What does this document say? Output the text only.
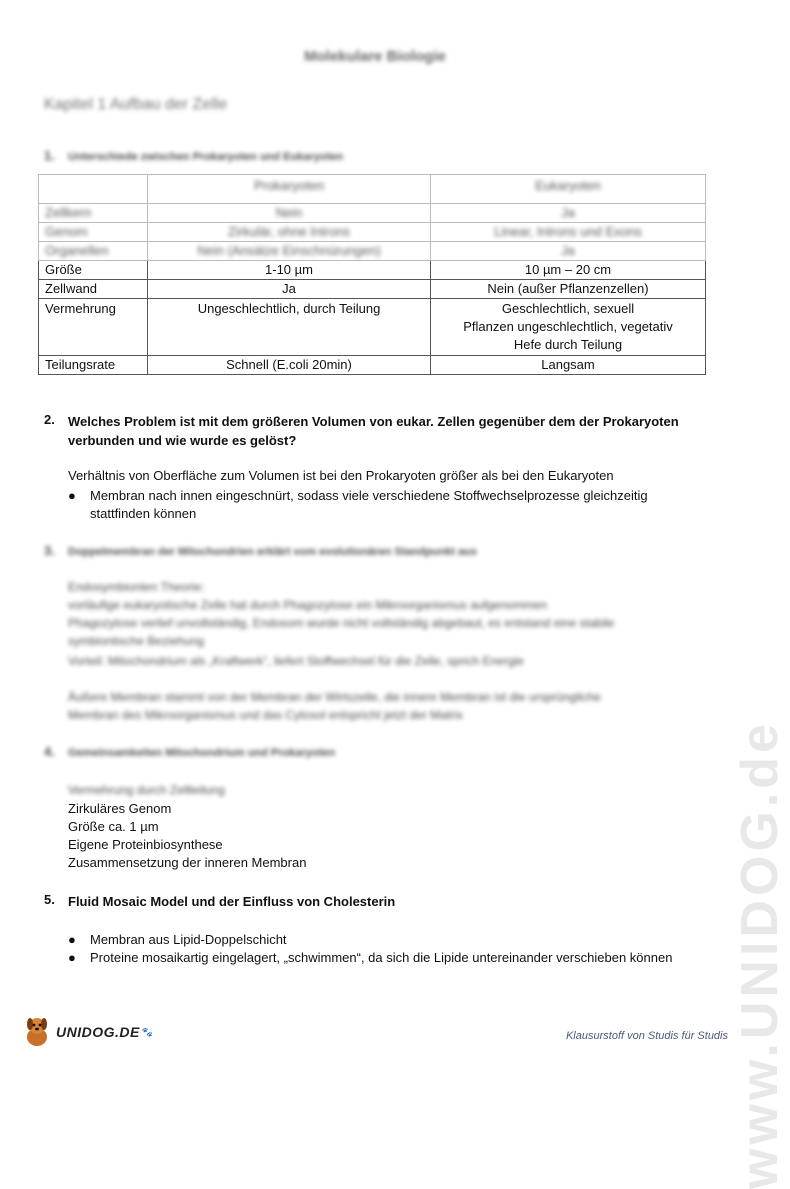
www.UNIDOG.de
Molekulare Biologie
Kapitel 1 Aufbau der Zelle
1. Unterschiede zwischen Prokaryoten und Eukaryoten
	Prokaryoten	Eukaryoten
Zellkern	Nein	Ja
Genom	Zirkulär, ohne Introns	Linear, Introns und Exons
Organellen	Nein (Ansätze Einschnürungen)	Ja
Größe	1-10 µm	10 µm – 20 cm
Zellwand	Ja	Nein (außer Pflanzenzellen)
Vermehrung	Ungeschlechtlich, durch Teilung	Geschlechtlich, sexuell
Pflanzen ungeschlechtlich, vegetativ
Hefe durch Teilung

Teilungsrate	Schnell (E.coli 20min)	Langsam
2. Welches Problem ist mit dem größeren Volumen von eukar. Zellen gegenüber dem der Prokaryoten verbunden und wie wurde es gelöst?
Verhältnis von Oberfläche zum Volumen ist bei den Prokaryoten größer als bei den Eukaryoten
●	Membran nach innen eingeschnürt, sodass viele verschiedene Stoffwechselprozesse gleichzeitig stattfinden können
3. Doppelmembran der Mitochondrien erklärt vom evolutionären Standpunkt aus
Endosymbionten Theorie:
vorläufige eukaryotische Zelle hat durch Phagozytose ein Mikroorganismus aufgenommen
Phagozytose verlief unvollständig, Endosom wurde nicht vollständig abgebaut, es entstand eine stabile
symbiontische Beziehung
Vorteil: Mitochondrium als „Kraftwerk“, liefert Stoffwechsel für die Zelle, sprich Energie
Äußere Membran stammt von der Membran der Wirtszelle, die innere Membran ist die ursprüngliche
Membran des Mikroorganismus und das Cytosol entspricht jetzt der Matrix
4. Gemeinsamkeiten Mitochondrium und Prokaryoten
Vermehrung durch Zellteilung
Zirkuläres Genom
Größe ca. 1 µm
Eigene Proteinbiosynthese
Zusammensetzung der inneren Membran
5. Fluid Mosaic Model und der Einfluss von Cholesterin
●	Membran aus Lipid-Doppelschicht
●	Proteine mosaikartig eingelagert, „schwimmen“, da sich die Lipide untereinander verschieben können
UNIDOG.DE 🐾	Klausurstoff von Studis für Studis
